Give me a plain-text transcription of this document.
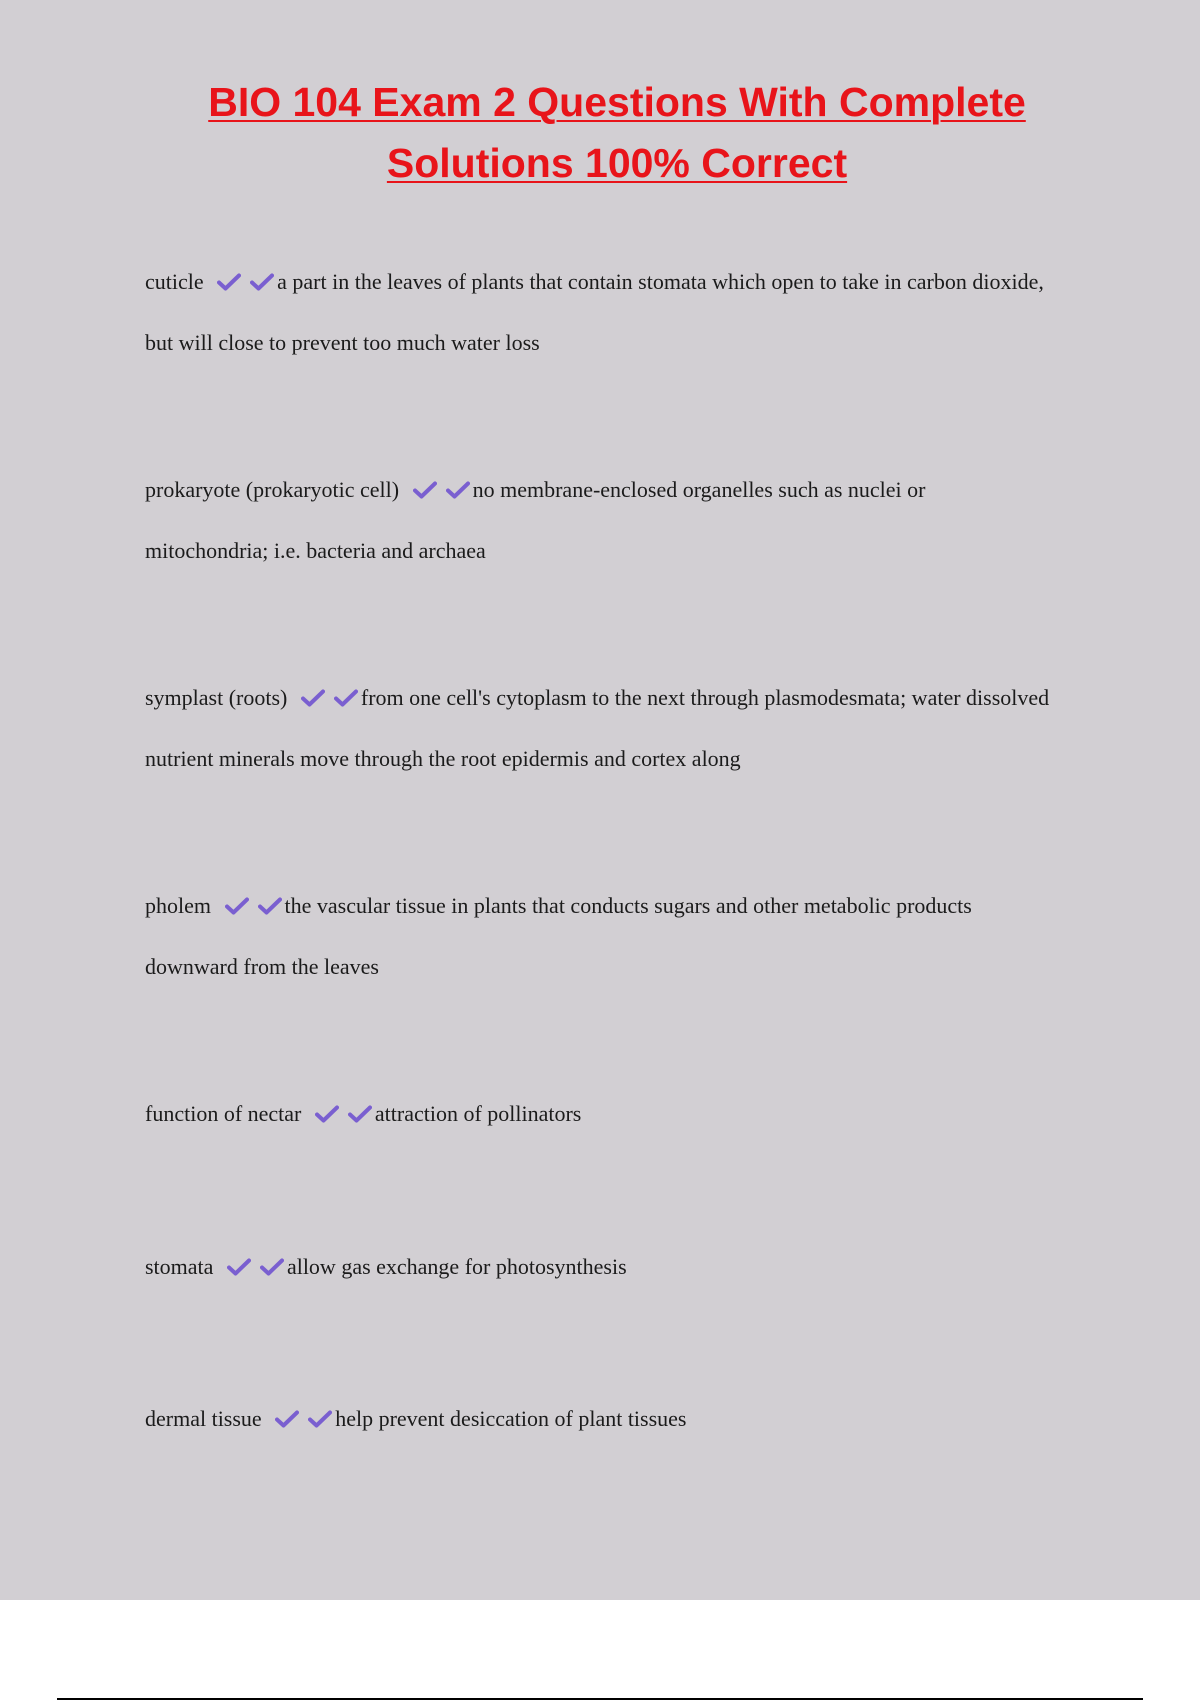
BIO 104 Exam 2 Questions With Complete
Solutions 100% Correct
cuticle	a part in the leaves of plants that contain stomata which open to take in carbon dioxide, but will close to prevent too much water loss
prokaryote (prokaryotic cell)	no membrane-enclosed organelles such as nuclei or mitochondria; i.e. bacteria and archaea
symplast (roots)	from one cell's cytoplasm to the next through plasmodesmata; water dissolved nutrient minerals move through the root epidermis and cortex along
pholem	the vascular tissue in plants that conducts sugars and other metabolic products downward from the leaves
function of nectar	attraction of pollinators
stomata	allow gas exchange for photosynthesis
dermal tissue	help prevent desiccation of plant tissues
